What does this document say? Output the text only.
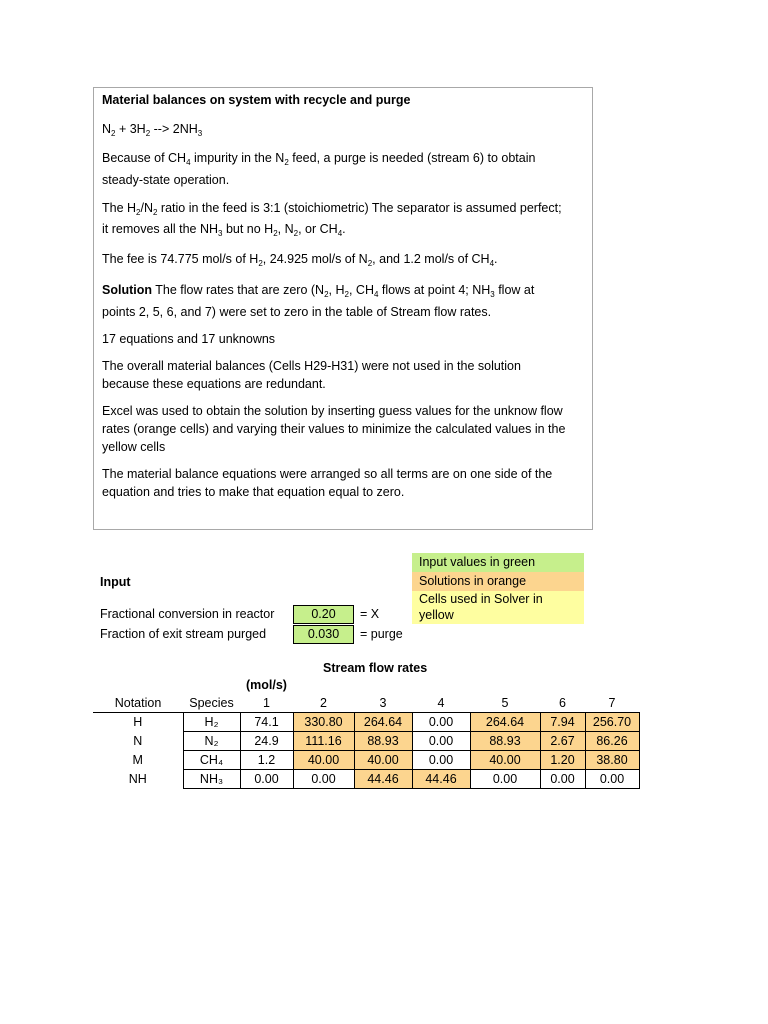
Material balances on system with recycle and purge
$N_2 + 3H_2$ --> $2NH_3$
Because of $CH_4$ impurity in the $N_2$ feed, a purge is needed (stream 6) to obtain
steady-state operation.
The $H_2/N_2$ ratio in the feed is 3:1 (stoichiometric) The separator is assumed perfect;
it removes all the $NH_3$ but no $H_2$, $N_2$, or $CH_4$.
The fee is 74.775 mol/s of $H_2$, 24.925 mol/s of $N_2$, and 1.2 mol/s of $CH_4$.
Solution The flow rates that are zero ($N_2$, $H_2$, $CH_4$ flows at point 4; $NH_3$ flow at
points 2, 5, 6, and 7) were set to zero in the table of Stream flow rates.
17 equations and 17 unknowns
The overall material balances (Cells H29-H31) were not used in the solution
because these equations are redundant.
Excel was used to obtain the solution by inserting guess values for the unknow flow
rates (orange cells) and varying their values to minimize the calculated values in the
yellow cells
The material balance equations were arranged so all terms are on one side of the
equation and tries to make that equation equal to zero.
Input values in green
Solutions in orange
Cells used in Solver in
yellow
Input
Fractional conversion in reactor	0.20	= X
Fraction of exit stream purged	0.030	= purge
Stream flow rates
(mol/s)
Notation	Species	1	2	3	4	5	6	7
H	H₂	74.1	330.80	264.64	0.00	264.64	7.94	256.70
N	N₂	24.9	111.16	88.93	0.00	88.93	2.67	86.26
M	CH₄	1.2	40.00	40.00	0.00	40.00	1.20	38.80
NH	NH₃	0.00	0.00	44.46	44.46	0.00	0.00	0.00
